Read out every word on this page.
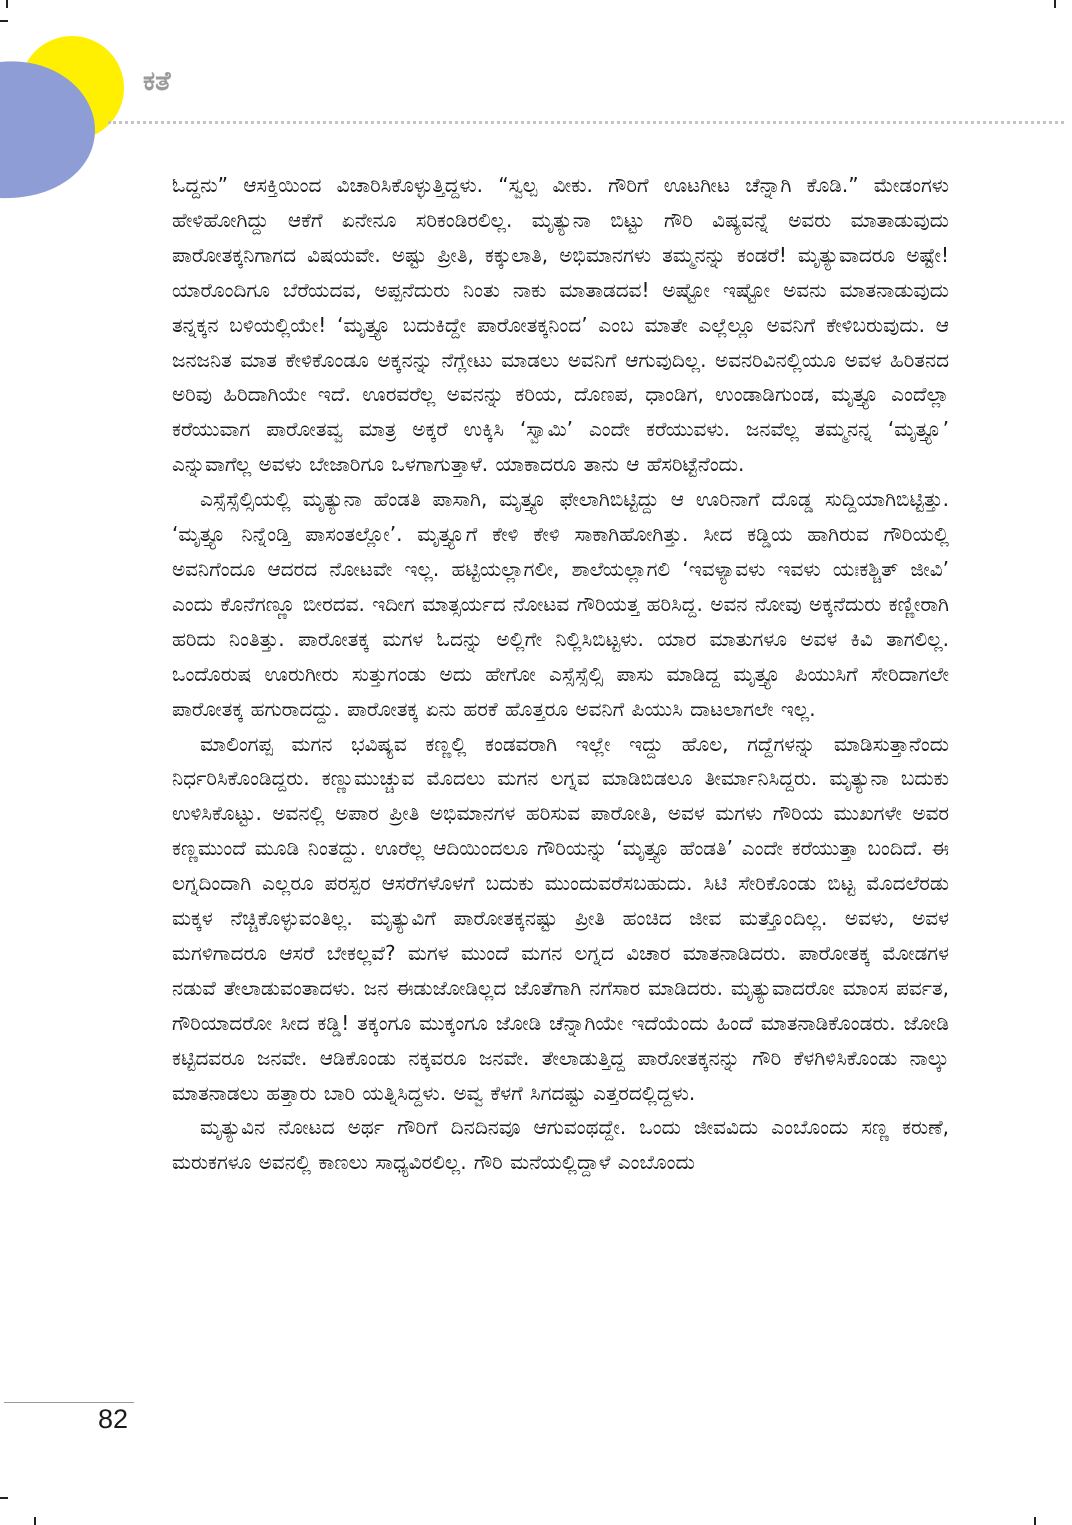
ಕತೆ

ಓದ್ದನು” ಆಸಕ್ತಿಯಿಂದ ವಿಚಾರಿಸಿಕೊಳ್ಳುತ್ತಿದ್ದಳು. “ಸ್ವಲ್ಪ ವೀಕು. ಗೌರಿಗೆ ಊಟಗೀಟ ಚೆನ್ನಾಗಿ ಕೊಡಿ.” ಮೇಡಂಗಳು ಹೇಳಿಹೋಗಿದ್ದು ಆಕೆಗೆ ಏನೇನೂ ಸರಿಕಂಡಿರಲಿಲ್ಲ. ಮೃತ್ಯುನಾ ಬಿಟ್ಟು ಗೌರಿ ವಿಷ್ಯವನ್ನೆ ಅವರು ಮಾತಾಡುವುದು ಪಾರೋತಕ್ಕನಿಗಾಗದ ವಿಷಯವೇ. ಅಷ್ಟು ಪ್ರೀತಿ, ಕಕ್ಕುಲಾತಿ, ಅಭಿಮಾನಗಳು ತಮ್ಮನನ್ನು ಕಂಡರೆ! ಮೃತ್ಯುವಾದರೂ ಅಷ್ಟೇ! ಯಾರೊಂದಿಗೂ ಬೆರೆಯದವ, ಅಪ್ಪನೆದುರು ನಿಂತು ನಾಕು ಮಾತಾಡದವ! ಅಷ್ಟೋ ಇಷ್ಟೋ ಅವನು ಮಾತನಾಡುವುದು ತನ್ನಕ್ಕನ ಬಳಿಯಲ್ಲಿಯೇ! ‘ಮೃತ್ತ್ಯೂ ಬದುಕಿದ್ದೇ ಪಾರೋತಕ್ಕನಿಂದ’ ಎಂಬ ಮಾತೇ ಎಲ್ಲೆಲ್ಲೂ ಅವನಿಗೆ ಕೇಳಿಬರುವುದು. ಆ ಜನಜನಿತ ಮಾತ ಕೇಳಿಕೊಂಡೂ ಅಕ್ಕನನ್ನು ನೆಗ್ಲೇಟು ಮಾಡಲು ಅವನಿಗೆ ಆಗುವುದಿಲ್ಲ. ಅವನರಿವಿನಲ್ಲಿಯೂ ಅವಳ ಹಿರಿತನದ ಅರಿವು ಹಿರಿದಾಗಿಯೇ ಇದೆ. ಊರವರೆಲ್ಲ ಅವನನ್ನು ಕರಿಯ, ದೊಣಪ, ಧಾಂಡಿಗ, ಉಂಡಾಡಿಗುಂಡ, ಮೃತ್ತ್ಯೂ ಎಂದೆಲ್ಲಾ ಕರೆಯುವಾಗ ಪಾರೋತವ್ವ ಮಾತ್ರ ಅಕ್ಕರೆ ಉಕ್ಕಿಸಿ ‘ಸ್ವಾಮಿ’ ಎಂದೇ ಕರೆಯುವಳು. ಜನವೆಲ್ಲ ತಮ್ಮನನ್ನ ‘ಮೃತ್ತ್ಯೂ’ ಎನ್ನುವಾಗೆಲ್ಲ ಅವಳು ಬೇಜಾರಿಗೂ ಒಳಗಾಗುತ್ತಾಳೆ. ಯಾಕಾದರೂ ತಾನು ಆ ಹೆಸರಿಟ್ಟೆನೆಂದು.

ಎಸ್ಸೆಸ್ಸೆಲ್ಸಿಯಲ್ಲಿ ಮೃತ್ಯುನಾ ಹೆಂಡತಿ ಪಾಸಾಗಿ, ಮೃತ್ತ್ಯೂ ಫೇಲಾಗಿಬಿಟ್ಟಿದ್ದು ಆ ಊರಿನಾಗೆ ದೊಡ್ಡ ಸುದ್ದಿಯಾಗಿಬಿಟ್ಟಿತ್ತು. ‘ಮೃತ್ತ್ಯೂ ನಿನ್ನೆಂಡ್ತಿ ಪಾಸಂತಲ್ಲೋ’. ಮೃತ್ತ್ಯೂಗೆ ಕೇಳಿ ಕೇಳಿ ಸಾಕಾಗಿಹೋಗಿತ್ತು. ಸೀದ ಕಡ್ಡಿಯ ಹಾಗಿರುವ ಗೌರಿಯಲ್ಲಿ ಅವನಿಗೆಂದೂ ಆದರದ ನೋಟವೇ ಇಲ್ಲ. ಹಟ್ಟಿಯಲ್ಲಾಗಲೀ, ಶಾಲೆಯಲ್ಲಾಗಲಿ ‘ಇವಳ್ಯಾವಳು ಇವಳು ಯಃಕಶ್ಚಿತ್ ಜೀವಿ’ ಎಂದು ಕೊನೆಗಣ್ಣೂ ಬೀರದವ. ಇದೀಗ ಮಾತ್ಸರ್ಯದ ನೋಟವ ಗೌರಿಯತ್ತ ಹರಿಸಿದ್ದ. ಅವನ ನೋವು ಅಕ್ಕನೆದುರು ಕಣ್ಣೀರಾಗಿ ಹರಿದು ನಿಂತಿತ್ತು. ಪಾರೋತಕ್ಕ ಮಗಳ ಓದನ್ನು ಅಲ್ಲಿಗೇ ನಿಲ್ಲಿಸಿಬಿಟ್ಟಳು. ಯಾರ ಮಾತುಗಳೂ ಅವಳ ಕಿವಿ ತಾಗಲಿಲ್ಲ. ಒಂದೊರುಷ ಊರುಗೀರು ಸುತ್ತುಗಂಡು ಅದು ಹೇಗೋ ಎಸ್ಸೆಸ್ಸೆಲ್ಸಿ ಪಾಸು ಮಾಡಿದ್ದ ಮೃತ್ತ್ಯೂ ಪಿಯುಸಿಗೆ ಸೇರಿದಾಗಲೇ ಪಾರೋತಕ್ಕ ಹಗುರಾದದ್ದು. ಪಾರೋತಕ್ಕ ಏನು ಹರಕೆ ಹೊತ್ತರೂ ಅವನಿಗೆ ಪಿಯುಸಿ ದಾಟಲಾಗಲೇ ಇಲ್ಲ.

ಮಾಲಿಂಗಪ್ಪ ಮಗನ ಭವಿಷ್ಯವ ಕಣ್ಣಲ್ಲಿ ಕಂಡವರಾಗಿ ಇಲ್ಲೇ ಇದ್ದು ಹೊಲ, ಗದ್ದೆಗಳನ್ನು ಮಾಡಿಸುತ್ತಾನೆಂದು ನಿರ್ಧರಿಸಿಕೊಂಡಿದ್ದರು. ಕಣ್ಣುಮುಚ್ಚುವ ಮೊದಲು ಮಗನ ಲಗ್ನವ ಮಾಡಿಬಿಡಲೂ ತೀರ್ಮಾನಿಸಿದ್ದರು. ಮೃತ್ಯುನಾ ಬದುಕು ಉಳಿಸಿಕೊಟ್ಟು. ಅವನಲ್ಲಿ ಅಪಾರ ಪ್ರೀತಿ ಅಭಿಮಾನಗಳ ಹರಿಸುವ ಪಾರೋತಿ, ಅವಳ ಮಗಳು ಗೌರಿಯ ಮುಖಗಳೇ ಅವರ ಕಣ್ಣಮುಂದೆ ಮೂಡಿ ನಿಂತದ್ದು. ಊರೆಲ್ಲ ಆದಿಯಿಂದಲೂ ಗೌರಿಯನ್ನು ‘ಮೃತ್ತ್ಯೂ ಹೆಂಡತಿ’ ಎಂದೇ ಕರೆಯುತ್ತಾ ಬಂದಿದೆ. ಈ ಲಗ್ನದಿಂದಾಗಿ ಎಲ್ಲರೂ ಪರಸ್ಪರ ಆಸರೆಗಳೊಳಗೆ ಬದುಕು ಮುಂದುವರೆಸಬಹುದು. ಸಿಟಿ ಸೇರಿಕೊಂಡು ಬಿಟ್ಟ ಮೊದಲೆರಡು ಮಕ್ಕಳ ನೆಚ್ಚಿಕೊಳ್ಳುವಂತಿಲ್ಲ. ಮೃತ್ಯುವಿಗೆ ಪಾರೋತಕ್ಕನಷ್ಟು ಪ್ರೀತಿ ಹಂಚಿದ ಜೀವ ಮತ್ತೊಂದಿಲ್ಲ. ಅವಳು, ಅವಳ ಮಗಳಿಗಾದರೂ ಆಸರೆ ಬೇಕಲ್ಲವೆ? ಮಗಳ ಮುಂದೆ ಮಗನ ಲಗ್ನದ ವಿಚಾರ ಮಾತನಾಡಿದರು. ಪಾರೋತಕ್ಕ ಮೋಡಗಳ ನಡುವೆ ತೇಲಾಡುವಂತಾದಳು. ಜನ ಈಡುಜೋಡಿಲ್ಲದ ಜೊತೆಗಾಗಿ ನಗೆಸಾರ ಮಾಡಿದರು. ಮೃತ್ಯುವಾದರೋ ಮಾಂಸ ಪರ್ವತ, ಗೌರಿಯಾದರೋ ಸೀದ ಕಡ್ಡಿ! ತಕ್ಕಂಗೂ ಮುಕ್ಕಂಗೂ ಜೋಡಿ ಚೆನ್ನಾಗಿಯೇ ಇದೆಯೆಂದು ಹಿಂದೆ ಮಾತನಾಡಿಕೊಂಡರು. ಜೋಡಿ ಕಟ್ಟಿದವರೂ ಜನವೇ. ಆಡಿಕೊಂಡು ನಕ್ಕವರೂ ಜನವೇ. ತೇಲಾಡುತ್ತಿದ್ದ ಪಾರೋತಕ್ಕನನ್ನು ಗೌರಿ ಕೆಳಗಿಳಿಸಿಕೊಂಡು ನಾಲ್ಕು ಮಾತನಾಡಲು ಹತ್ತಾರು ಬಾರಿ ಯತ್ನಿಸಿದ್ದಳು. ಅವ್ವ ಕೆಳಗೆ ಸಿಗದಷ್ಟು ಎತ್ತರದಲ್ಲಿದ್ದಳು.

ಮೃತ್ಯುವಿನ ನೋಟದ ಅರ್ಥ ಗೌರಿಗೆ ದಿನದಿನವೂ ಆಗುವಂಥದ್ದೇ. ಒಂದು ಜೀವವಿದು ಎಂಬೊಂದು ಸಣ್ಣ ಕರುಣೆ, ಮರುಕಗಳೂ ಅವನಲ್ಲಿ ಕಾಣಲು ಸಾಧ್ಯವಿರಲಿಲ್ಲ. ಗೌರಿ ಮನೆಯಲ್ಲಿದ್ದಾಳೆ ಎಂಬೊಂದು

82
